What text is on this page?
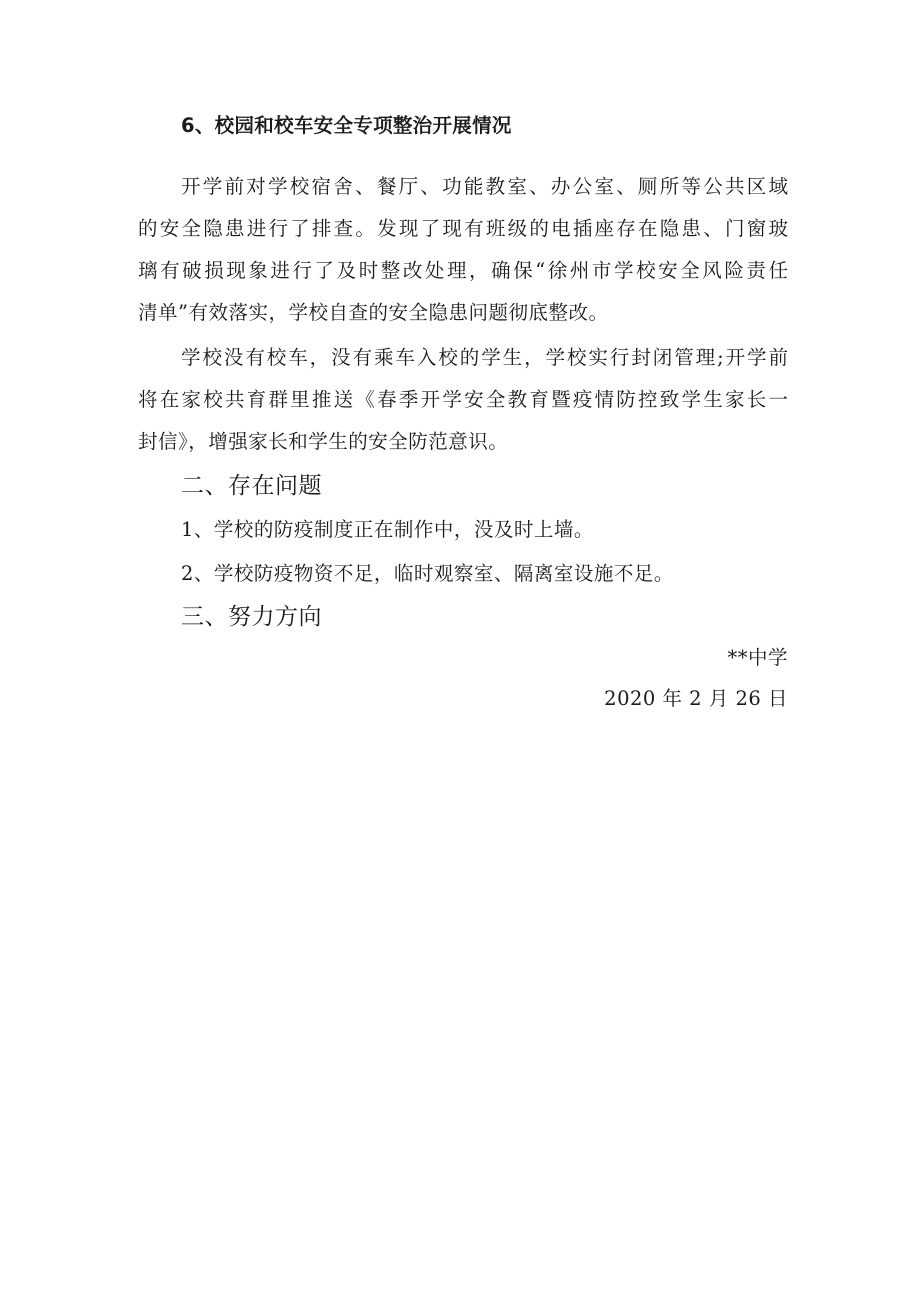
6、校园和校车安全专项整治开展情况
开学前对学校宿舍、餐厅、功能教室、办公室、厕所等公共区域
的安全隐患进行了排查。发现了现有班级的电插座存在隐患、门窗玻
璃有破损现象进行了及时整改处理，确保“徐州市学校安全风险责任
清单”有效落实，学校自查的安全隐患问题彻底整改。
学校没有校车，没有乘车入校的学生，学校实行封闭管理;开学前
将在家校共育群里推送《春季开学安全教育暨疫情防控致学生家长一
封信》，增强家长和学生的安全防范意识。
二、存在问题
1、学校的防疫制度正在制作中，没及时上墙。
2、学校防疫物资不足，临时观察室、隔离室设施不足。
三、努力方向
**中学
2020 年 2 月 26 日
